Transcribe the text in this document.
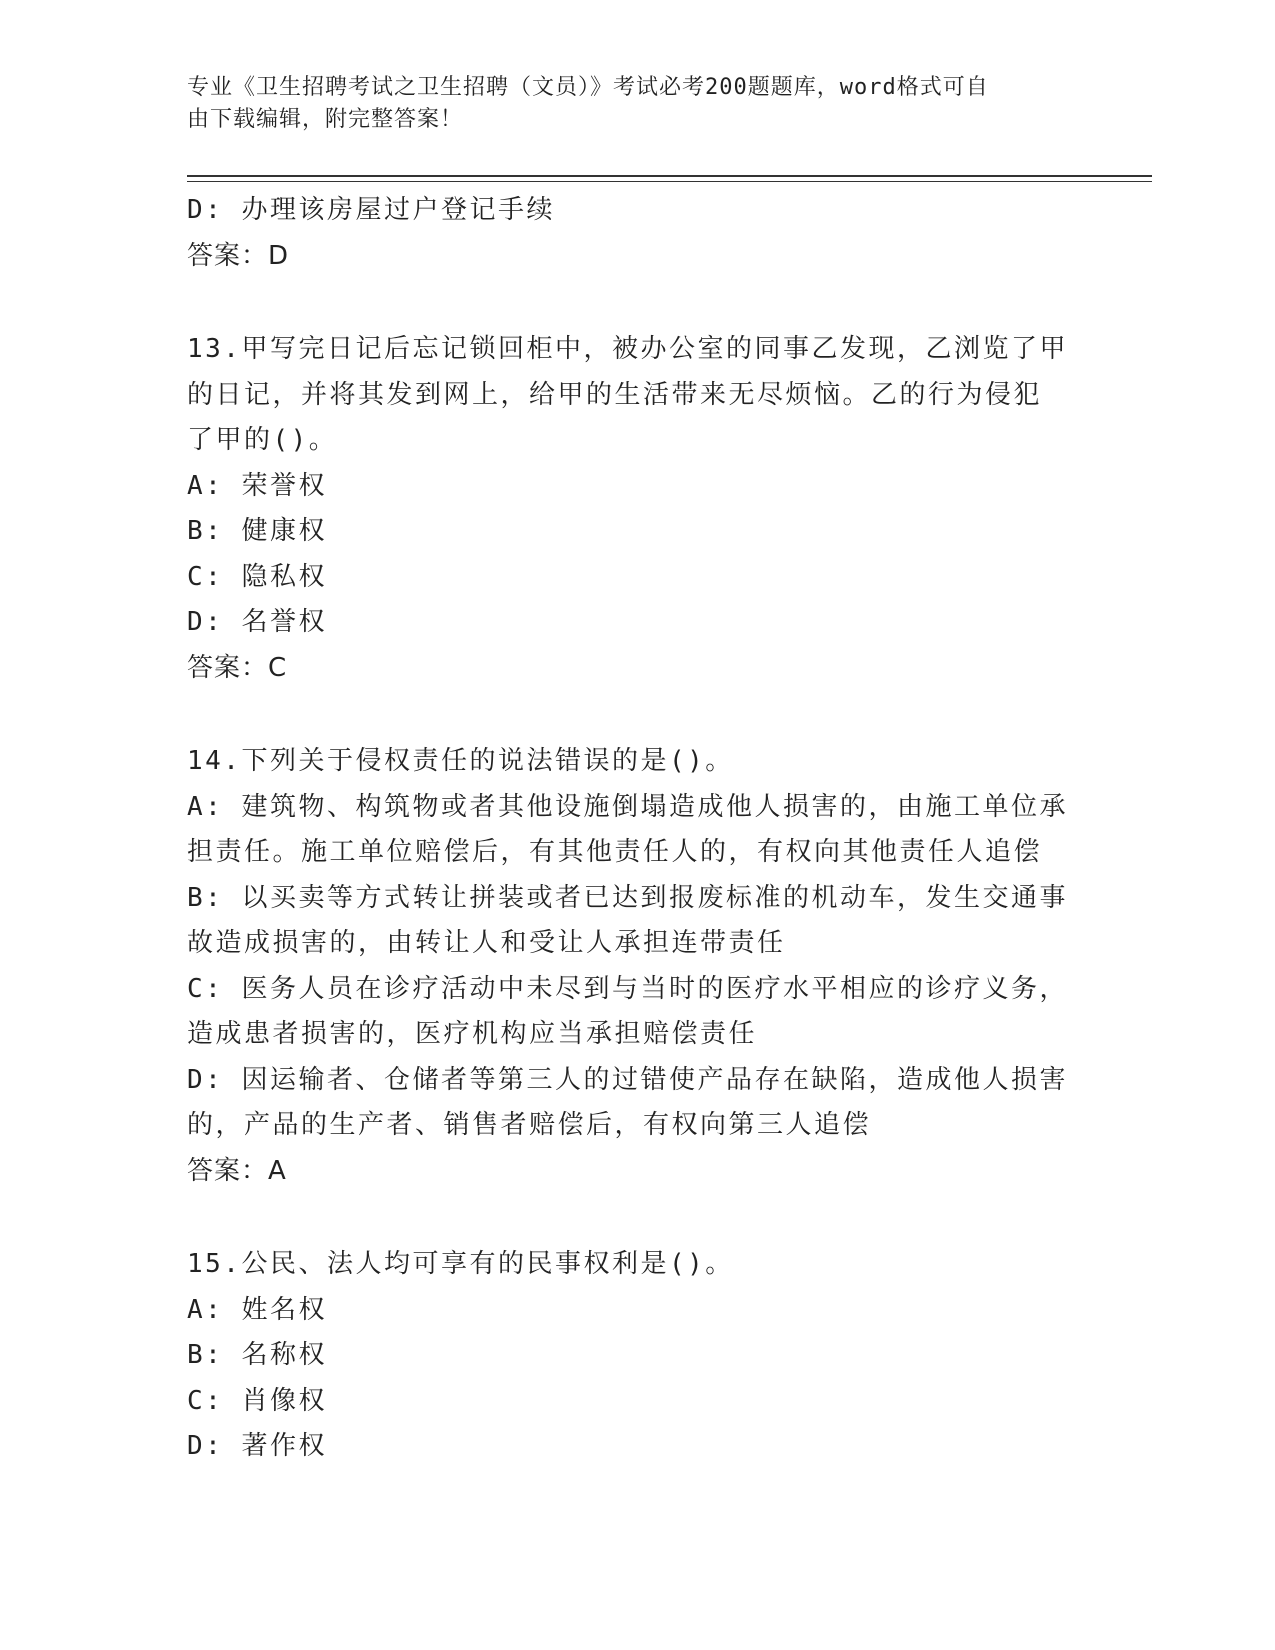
专业《卫生招聘考试之卫生招聘（文员）》考试必考200题题库，word格式可自
由下载编辑，附完整答案！

D: 办理该房屋过户登记手续

答案：D

13.甲写完日记后忘记锁回柜中，被办公室的同事乙发现，乙浏览了甲

的日记，并将其发到网上，给甲的生活带来无尽烦恼。乙的行为侵犯

了甲的()。

A: 荣誉权

B: 健康权

C: 隐私权

D: 名誉权

答案：C

14.下列关于侵权责任的说法错误的是()。

A: 建筑物、构筑物或者其他设施倒塌造成他人损害的，由施工单位承

担责任。施工单位赔偿后，有其他责任人的，有权向其他责任人追偿

B: 以买卖等方式转让拼装或者已达到报废标准的机动车，发生交通事

故造成损害的，由转让人和受让人承担连带责任

C: 医务人员在诊疗活动中未尽到与当时的医疗水平相应的诊疗义务，

造成患者损害的，医疗机构应当承担赔偿责任

D: 因运输者、仓储者等第三人的过错使产品存在缺陷，造成他人损害

的，产品的生产者、销售者赔偿后，有权向第三人追偿

答案：A

15.公民、法人均可享有的民事权利是()。

A: 姓名权

B: 名称权

C: 肖像权

D: 著作权
